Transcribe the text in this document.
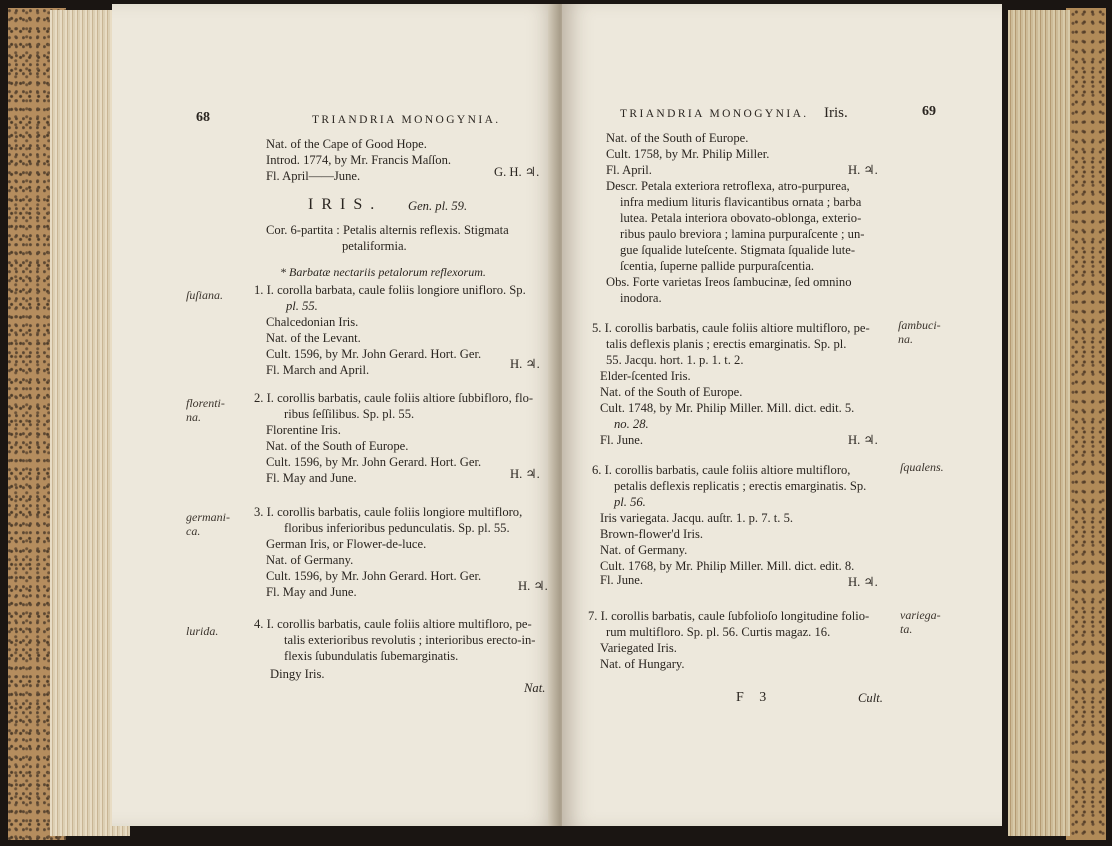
68	TRIANDRIA MONOGYNIA.
Nat. of the Cape of Good Hope.
Introd. 1774, by Mr. Francis Maſſon.
Fl. April——June.	G. H. ♃.
IRIS. Gen. pl. 59.
Cor. 6-partita : Petalis alternis reflexis. Stigmata
petaliformia.
* Barbatæ nectariis petalorum reflexorum.
ſuſiana. 1. I. corolla barbata, caule foliis longiore unifloro. Sp.
pl. 55.
Chalcedonian Iris.
Nat. of the Levant.
Cult. 1596, by Mr. John Gerard. Hort. Ger.
Fl. March and April.	H. ♃.
florenti-
na.
2. I. corollis barbatis, caule foliis altiore ſubbifloro, flo-
ribus ſeſſilibus. Sp. pl. 55.
Florentine Iris.
Nat. of the South of Europe.
Cult. 1596, by Mr. John Gerard. Hort. Ger.
Fl. May and June.	H. ♃.
germani-
ca.
3. I. corollis barbatis, caule foliis longiore multifloro,
floribus inferioribus pedunculatis. Sp. pl. 55.
German Iris, or Flower-de-luce.
Nat. of Germany.
Cult. 1596, by Mr. John Gerard. Hort. Ger.
Fl. May and June.	H. ♃.
lurida.	4. I. corollis barbatis, caule foliis altiore multifloro, pe-
talis exterioribus revolutis ; interioribus erecto-in-
flexis ſubundulatis ſubemarginatis.
Dingy Iris.
Nat.
TRIANDRIA MONOGYNIA. Iris.	69
Nat. of the South of Europe.
Cult. 1758, by Mr. Philip Miller.
Fl. April.	H. ♃.
Descr. Petala exteriora retroflexa, atro-purpurea,
infra medium lituris flavicantibus ornata ; barba
lutea. Petala interiora obovato-oblonga, exterio-
ribus paulo breviora ; lamina purpuraſcente ; un-
gue ſqualide luteſcente. Stigmata ſqualide lute-
ſcentia, ſuperne pallide purpuraſcentia.
Obs. Forte varietas Ireos ſambucinæ, ſed omnino
inodora.
5. I. corollis barbatis, caule foliis altiore multifloro, pe-
talis deflexis planis ; erectis emarginatis. Sp. pl.
55. Jacqu. hort. 1. p. 1. t. 2.
Elder-ſcented Iris.
Nat. of the South of Europe.
Cult. 1748, by Mr. Philip Miller. Mill. dict. edit. 5.
no. 28.
Fl. June.	H. ♃.
6. I. corollis barbatis, caule foliis altiore multifloro,
petalis deflexis replicatis ; erectis emarginatis. Sp.
pl. 56.
Iris variegata. Jacqu. auſtr. 1. p. 7. t. 5.
Brown-flower'd Iris.
Nat. of Germany.
Cult. 1768, by Mr. Philip Miller. Mill. dict. edit. 8.
Fl. June.	H. ♃.
7. I. corollis barbatis, caule ſubfolioſo longitudine folio-
rum multifloro. Sp. pl. 56. Curtis magaz. 16.
Variegated Iris.
Nat. of Hungary.
F 3	Cult.
ſambuci-
na.
ſqualens.
variega-
ta.
